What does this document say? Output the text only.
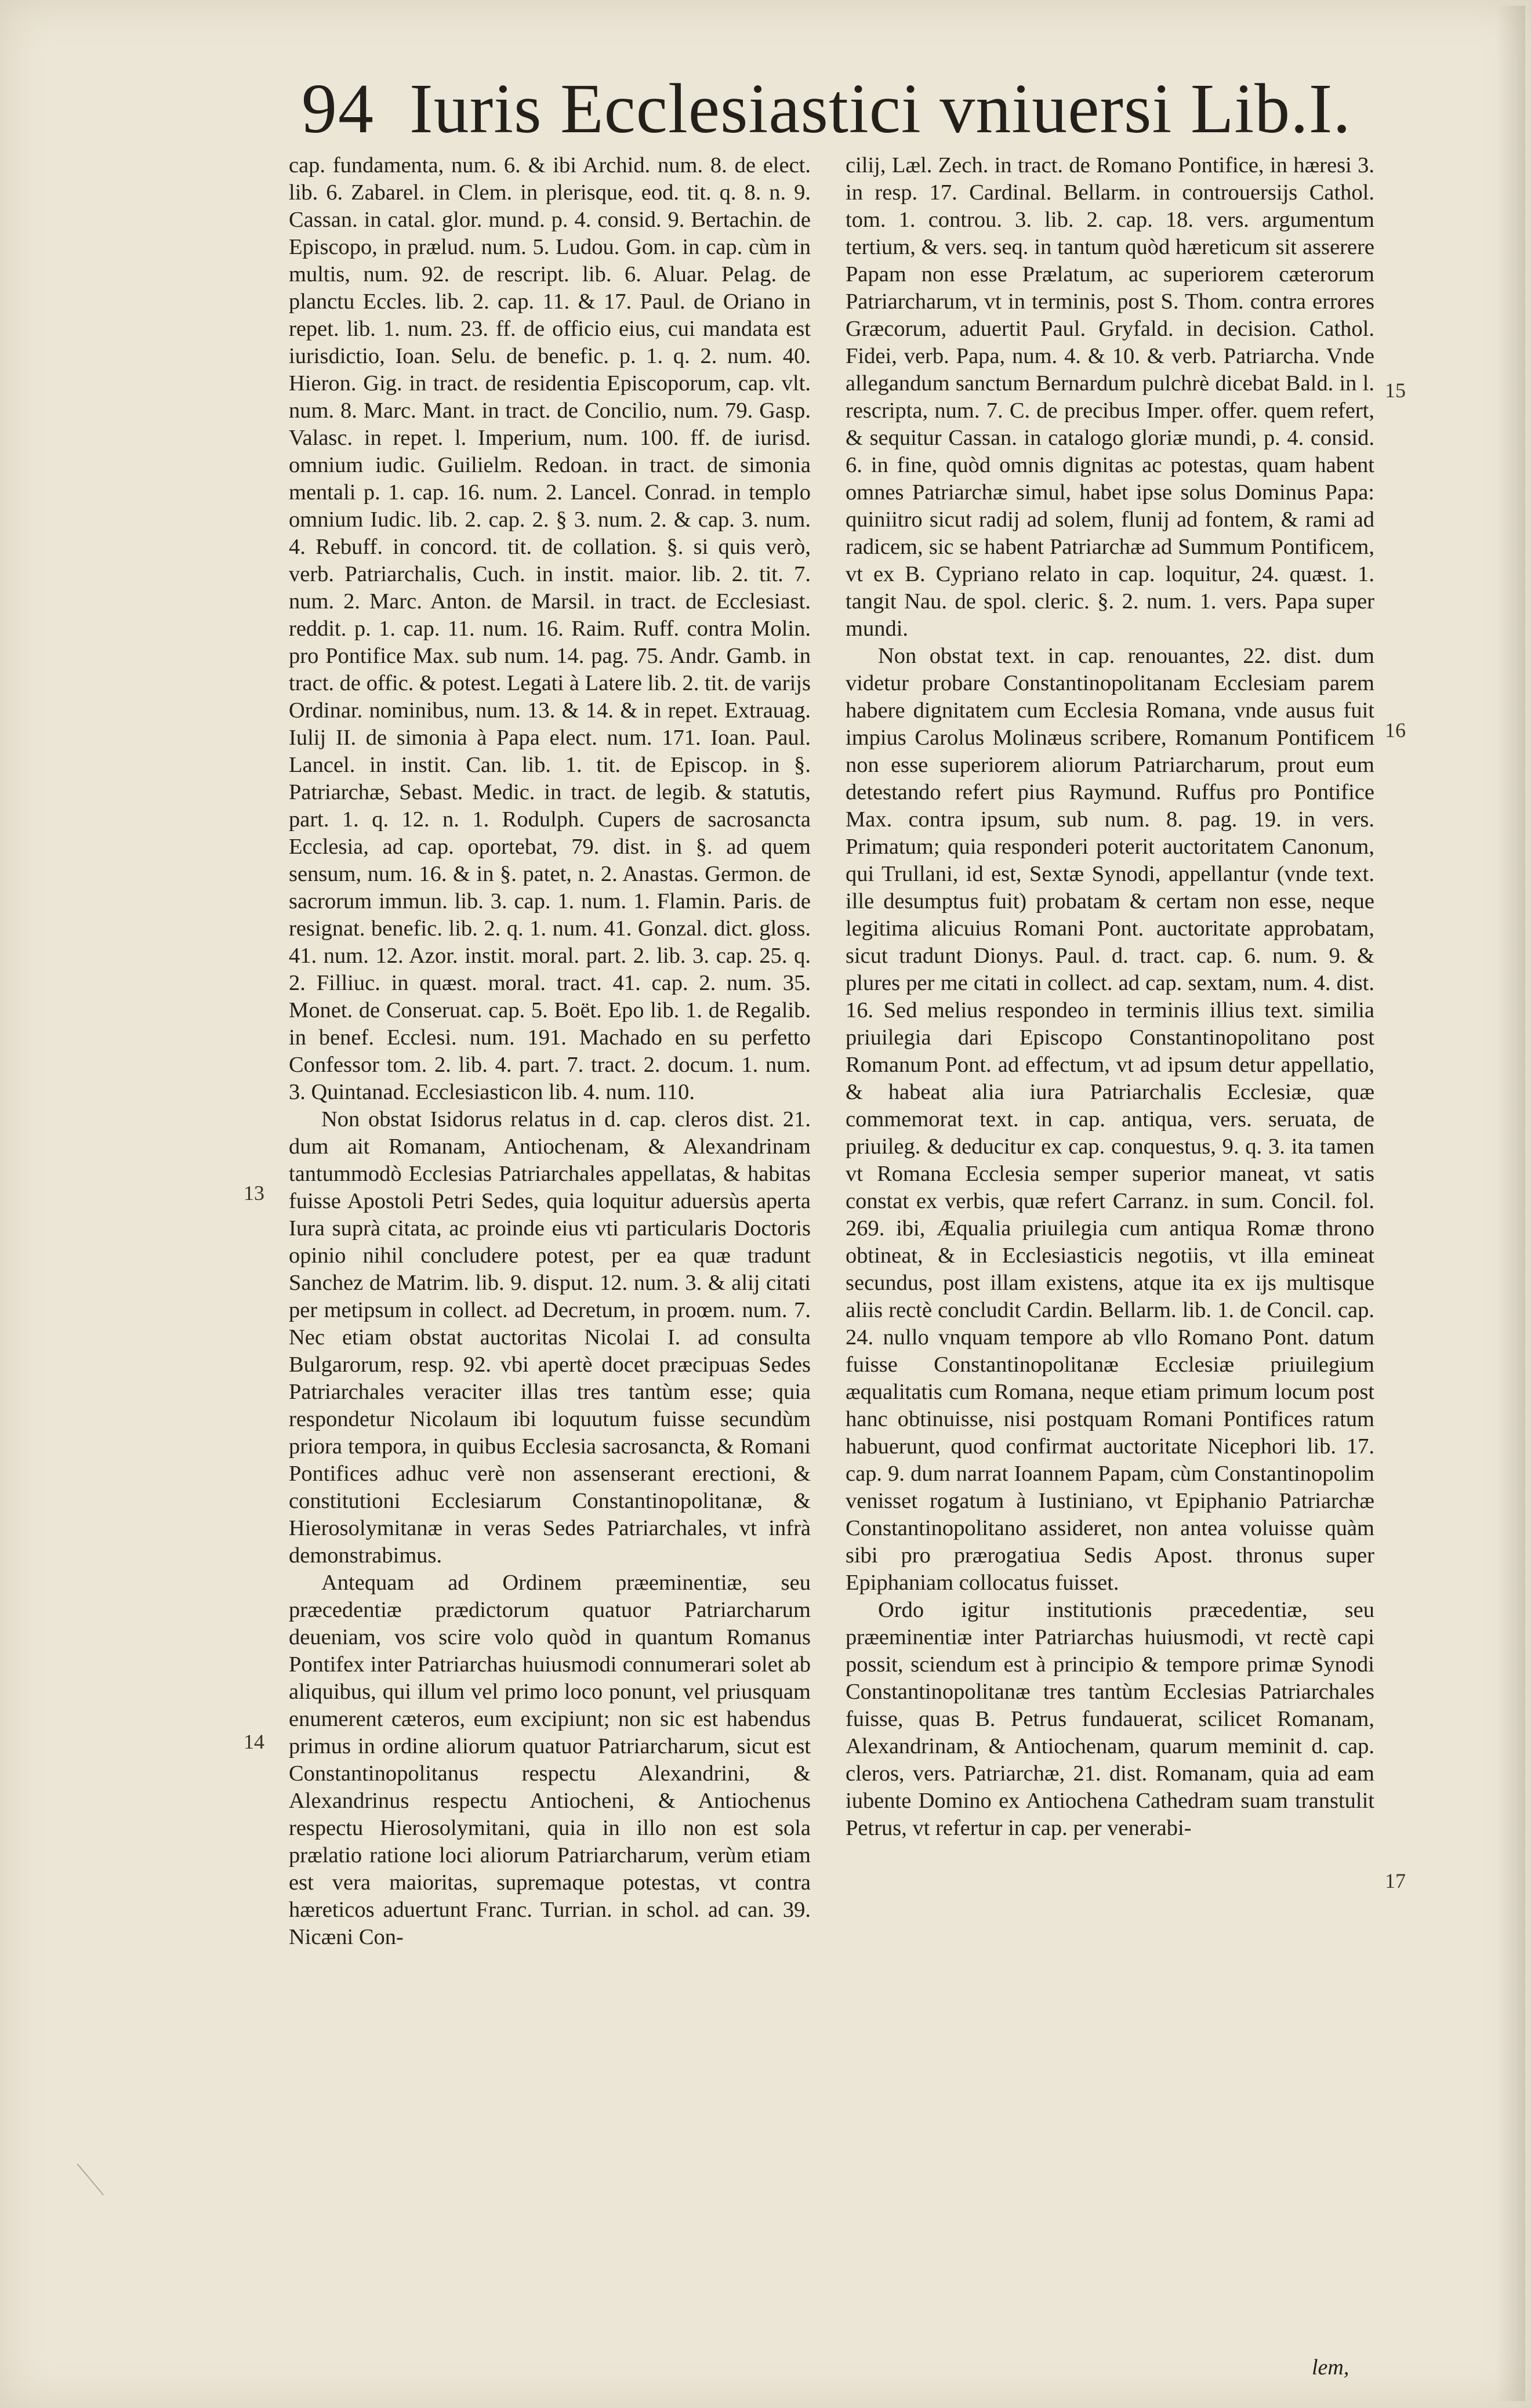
94 Iuris Ecclesiastici vniuersi Lib.I.

cap. fundamenta, num. 6. & ibi Archid. num. 8. de elect. lib. 6. Zabarel. in Clem. in plerisque, eod. tit. q. 8. n. 9. Cassan. in catal. glor. mund. p. 4. consid. 9. Bertachin. de Episcopo, in prælud. num. 5. Ludou. Gom. in cap. cùm in multis, num. 92. de rescript. lib. 6. Aluar. Pelag. de planctu Eccles. lib. 2. cap. 11. & 17. Paul. de Oriano in repet. lib. 1. num. 23. ff. de officio eius, cui mandata est iurisdictio, Ioan. Selu. de benefic. p. 1. q. 2. num. 40. Hieron. Gig. in tract. de residentia Episcoporum, cap. vlt. num. 8. Marc. Mant. in tract. de Concilio, num. 79. Gasp. Valasc. in repet. l. Imperium, num. 100. ff. de iurisd. omnium iudic. Guilielm. Redoan. in tract. de simonia mentali p. 1. cap. 16. num. 2. Lancel. Conrad. in templo omnium Iudic. lib. 2. cap. 2. § 3. num. 2. & cap. 3. num. 4. Rebuff. in concord. tit. de collation. §. si quis verò, verb. Patriarchalis, Cuch. in instit. maior. lib. 2. tit. 7. num. 2. Marc. Anton. de Marsil. in tract. de Ecclesiast. reddit. p. 1. cap. 11. num. 16. Raim. Ruff. contra Molin. pro Pontifice Max. sub num. 14. pag. 75. Andr. Gamb. in tract. de offic. & potest. Legati à Latere lib. 2. tit. de varijs Ordinar. nominibus, num. 13. & 14. & in repet. Extrauag. Iulij II. de simonia à Papa elect. num. 171. Ioan. Paul. Lancel. in instit. Can. lib. 1. tit. de Episcop. in §. Patriarchæ, Sebast. Medic. in tract. de legib. & statutis, part. 1. q. 12. n. 1. Rodulph. Cupers de sacrosancta Ecclesia, ad cap. oportebat, 79. dist. in §. ad quem sensum, num. 16. & in §. patet, n. 2. Anastas. Germon. de sacrorum immun. lib. 3. cap. 1. num. 1. Flamin. Paris. de resignat. benefic. lib. 2. q. 1. num. 41. Gonzal. dict. gloss. 41. num. 12. Azor. instit. moral. part. 2. lib. 3. cap. 25. q. 2. Filliuc. in quæst. moral. tract. 41. cap. 2. num. 35. Monet. de Conseruat. cap. 5. Boët. Epo lib. 1. de Regalib. in benef. Ecclesi. num. 191. Machado en su perfetto Confessor tom. 2. lib. 4. part. 7. tract. 2. docum. 1. num. 3. Quintanad. Ecclesiasticon lib. 4. num. 110.

Non obstat Isidorus relatus in d. cap. cleros dist. 21. dum ait Romanam, Antiochenam, & Alexandrinam tantummodò Ecclesias Patriarchales appellatas, & habitas fuisse Apostoli Petri Sedes, quia loquitur aduersùs aperta Iura suprà citata, ac proinde eius vti particularis Doctoris opinio nihil concludere potest, per ea quæ tradunt Sanchez de Matrim. lib. 9. disput. 12. num. 3. & alij citati per metipsum in collect. ad Decretum, in proœm. num. 7. Nec etiam obstat auctoritas Nicolai I. ad consulta Bulgarorum, resp. 92. vbi apertè docet præcipuas Sedes Patriarchales veraciter illas tres tantùm esse; quia respondetur Nicolaum ibi loquutum fuisse secundùm priora tempora, in quibus Ecclesia sacrosancta, & Romani Pontifices adhuc verè non assenserant erectioni, & constitutioni Ecclesiarum Constantinopolitanæ, & Hierosolymitanæ in veras Sedes Patriarchales, vt infrà demonstrabimus.

Antequam ad Ordinem præeminentiæ, seu præcedentiæ prædictorum quatuor Patriarcharum deueniam, vos scire volo quòd in quantum Romanus Pontifex inter Patriarchas huiusmodi connumerari solet ab aliquibus, qui illum vel primo loco ponunt, vel priusquam enumerent cæteros, eum excipiunt; non sic est habendus primus in ordine aliorum quatuor Patriarcharum, sicut est Constantinopolitanus respectu Alexandrini, & Alexandrinus respectu Antiocheni, & Antiochenus respectu Hierosolymitani, quia in illo non est sola prælatio ratione loci aliorum Patriarcharum, verùm etiam est vera maioritas, supremaque potestas, vt contra hæreticos aduertunt Franc. Turrian. in schol. ad can. 39. Nicæni Con-

cilij, Læl. Zech. in tract. de Romano Pontifice, in hæresi 3. in resp. 17. Cardinal. Bellarm. in controuersijs Cathol. tom. 1. controu. 3. lib. 2. cap. 18. vers. argumentum tertium, & vers. seq. in tantum quòd hæreticum sit asserere Papam non esse Prælatum, ac superiorem cæterorum Patriarcharum, vt in terminis, post S. Thom. contra errores Græcorum, aduertit Paul. Gryfald. in decision. Cathol. Fidei, verb. Papa, num. 4. & 10. & verb. Patriarcha. Vnde allegandum sanctum Bernardum pulchrè dicebat Bald. in l. rescripta, num. 7. C. de precibus Imper. offer. quem refert, & sequitur Cassan. in catalogo gloriæ mundi, p. 4. consid. 6. in fine, quòd omnis dignitas ac potestas, quam habent omnes Patriarchæ simul, habet ipse solus Dominus Papa: quiniitro sicut radij ad solem, flunij ad fontem, & rami ad radicem, sic se habent Patriarchæ ad Summum Pontificem, vt ex B. Cypriano relato in cap. loquitur, 24. quæst. 1. tangit Nau. de spol. cleric. §. 2. num. 1. vers. Papa super mundi.

Non obstat text. in cap. renouantes, 22. dist. dum videtur probare Constantinopolitanam Ecclesiam parem habere dignitatem cum Ecclesia Romana, vnde ausus fuit impius Carolus Molinæus scribere, Romanum Pontificem non esse superiorem aliorum Patriarcharum, prout eum detestando refert pius Raymund. Ruffus pro Pontifice Max. contra ipsum, sub num. 8. pag. 19. in vers. Primatum; quia responderi poterit auctoritatem Canonum, qui Trullani, id est, Sextæ Synodi, appellantur (vnde text. ille desumptus fuit) probatam & certam non esse, neque legitima alicuius Romani Pont. auctoritate approbatam, sicut tradunt Dionys. Paul. d. tract. cap. 6. num. 9. & plures per me citati in collect. ad cap. sextam, num. 4. dist. 16. Sed melius respondeo in terminis illius text. similia priuilegia dari Episcopo Constantinopolitano post Romanum Pont. ad effectum, vt ad ipsum detur appellatio, & habeat alia iura Patriarchalis Ecclesiæ, quæ commemorat text. in cap. antiqua, vers. seruata, de priuileg. & deducitur ex cap. conquestus, 9. q. 3. ita tamen vt Romana Ecclesia semper superior maneat, vt satis constat ex verbis, quæ refert Carranz. in sum. Concil. fol. 269. ibi, Æqualia priuilegia cum antiqua Romæ throno obtineat, & in Ecclesiasticis negotiis, vt illa emineat secundus, post illam existens, atque ita ex ijs multisque aliis rectè concludit Cardin. Bellarm. lib. 1. de Concil. cap. 24. nullo vnquam tempore ab vllo Romano Pont. datum fuisse Constantinopolitanæ Ecclesiæ priuilegium æqualitatis cum Romana, neque etiam primum locum post hanc obtinuisse, nisi postquam Romani Pontifices ratum habuerunt, quod confirmat auctoritate Nicephori lib. 17. cap. 9. dum narrat Ioannem Papam, cùm Constantinopolim venisset rogatum à Iustiniano, vt Epiphanio Patriarchæ Constantinopolitano assideret, non antea voluisse quàm sibi pro prærogatiua Sedis Apost. thronus super Epiphaniam collocatus fuisset.

Ordo igitur institutionis præcedentiæ, seu præeminentiæ inter Patriarchas huiusmodi, vt rectè capi possit, sciendum est à principio & tempore primæ Synodi Constantinopolitanæ tres tantùm Ecclesias Patriarchales fuisse, quas B. Petrus fundauerat, scilicet Romanam, Alexandrinam, & Antiochenam, quarum meminit d. cap. cleros, vers. Patriarchæ, 21. dist. Romanam, quia ad eam iubente Domino ex Antiochena Cathedram suam transtulit Petrus, vt refertur in cap. per venerabi-

13
14
15
16
17
lem,
